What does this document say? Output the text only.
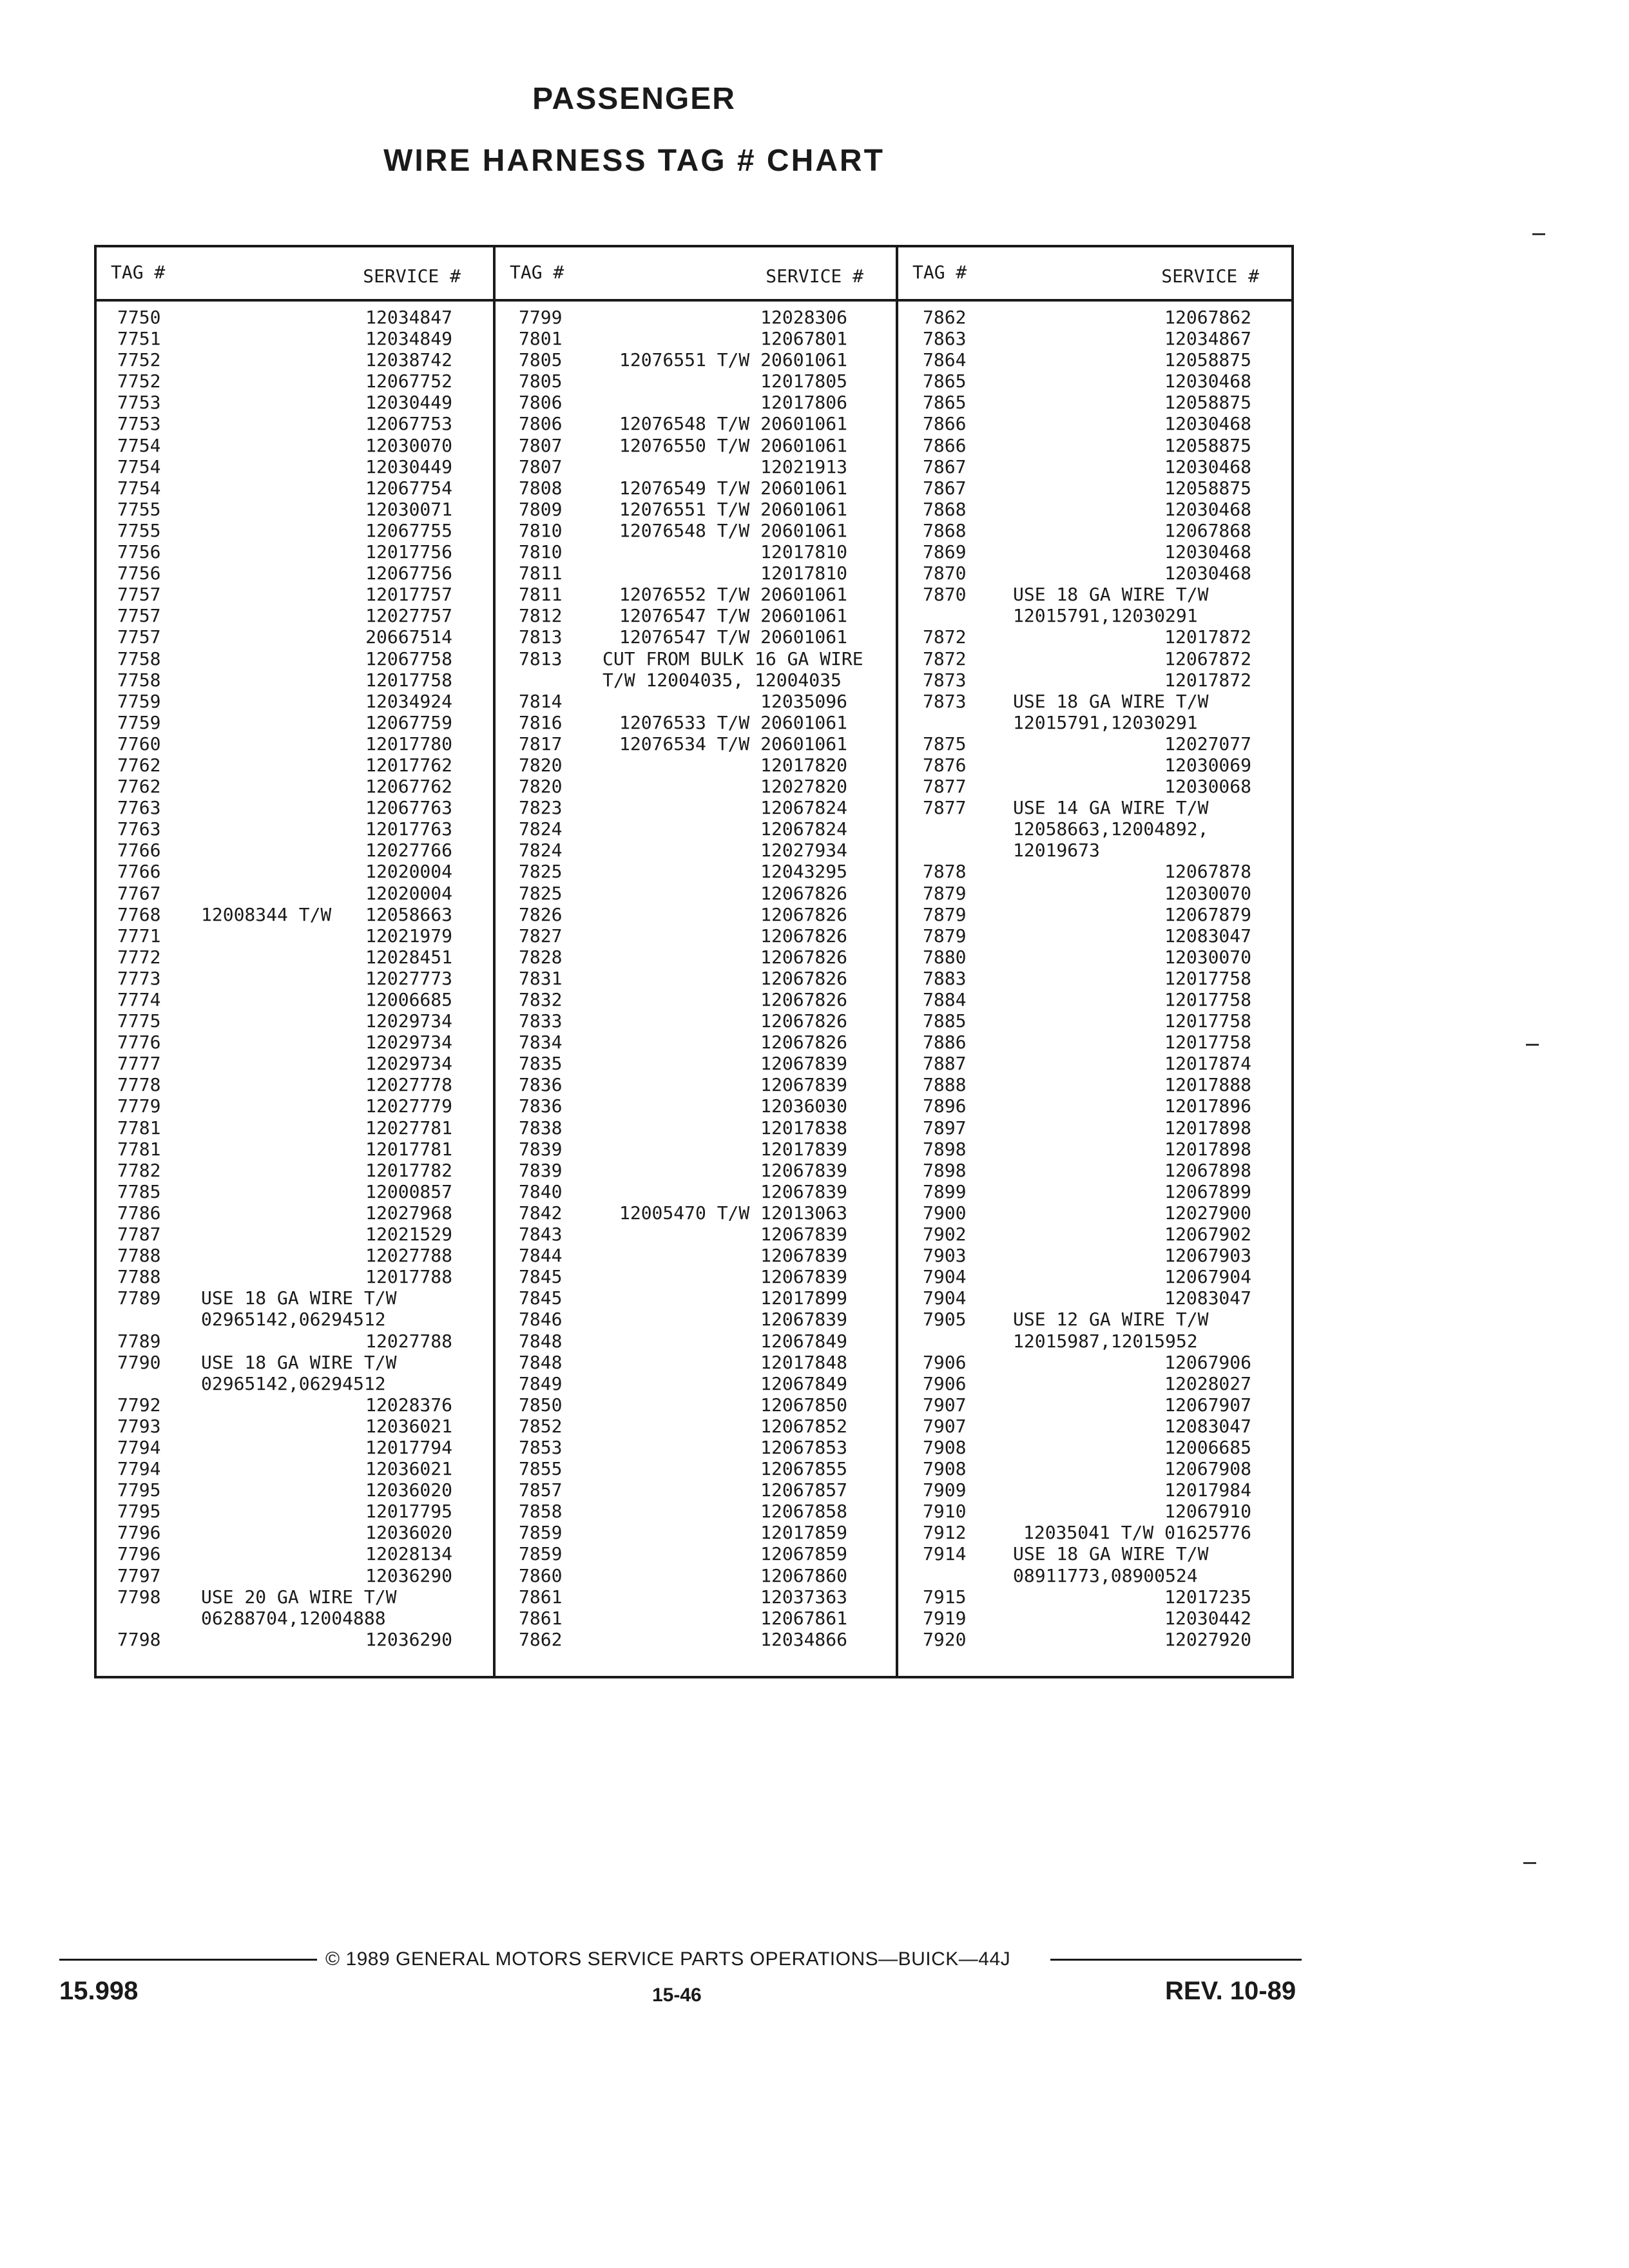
PASSENGER
WIRE HARNESS TAG # CHART
TAG #	SERVICE #	TAG #	SERVICE #	TAG #	SERVICE #
7750	12034847
7751	12034849
7752	12038742
7752	12067752
7753	12030449
7753	12067753
7754	12030070
7754	12030449
7754	12067754
7755	12030071
7755	12067755
7756	12017756
7756	12067756
7757	12017757
7757	12027757
7757	20667514
7758	12067758
7758	12017758
7759	12034924
7759	12067759
7760	12017780
7762	12017762
7762	12067762
7763	12067763
7763	12017763
7766	12027766
7766	12020004
7767	12020004
7768 12008344 T/W 12058663
7771	12021979
7772	12028451
7773	12027773
7774	12006685
7775	12029734
7776	12029734
7777	12029734
7778	12027778
7779	12027779
7781	12027781
7781	12017781
7782	12017782
7785	12000857
7786	12027968
7787	12021529
7788	12027788
7788	12017788
7789 USE 18 GA WIRE T/W
02965142,06294512
7789	12027788
7790 USE 18 GA WIRE T/W
02965142,06294512
7792	12028376
7793	12036021
7794	12017794
7794	12036021
7795	12036020
7795	12017795
7796	12036020
7796	12028134
7797	12036290
7798 USE 20 GA WIRE T/W
06288704,12004888
7798	12036290
7799	12028306
7801	12067801
7805	12076551 T/W 20601061
7805	12017805
7806	12017806
7806	12076548 T/W 20601061
7807	12076550 T/W 20601061
7807	12021913
7808	12076549 T/W 20601061
7809	12076551 T/W 20601061
7810	12076548 T/W 20601061
7810	12017810
7811	12017810
7811	12076552 T/W 20601061
7812	12076547 T/W 20601061
7813	12076547 T/W 20601061
7813 CUT FROM BULK 16 GA WIRE
T/W 12004035, 12004035
7814	12035096
7816	12076533 T/W 20601061
7817	12076534 T/W 20601061
7820	12017820
7820	12027820
7823	12067824
7824	12067824
7824	12027934
7825	12043295
7825	12067826
7826	12067826
7827	12067826
7828	12067826
7831	12067826
7832	12067826
7833	12067826
7834	12067826
7835	12067839
7836	12067839
7836	12036030
7838	12017838
7839	12017839
7839	12067839
7840	12067839
7842	12005470 T/W 12013063
7843	12067839
7844	12067839
7845	12067839
7845	12017899
7846	12067839
7848	12067849
7848	12017848
7849	12067849
7850	12067850
7852	12067852
7853	12067853
7855	12067855
7857	12067857
7858	12067858
7859	12017859
7859	12067859
7860	12067860
7861	12037363
7861	12067861
7862	12034866
7862	12067862
7863	12034867
7864	12058875
7865	12030468
7865	12058875
7866	12030468
7866	12058875
7867	12030468
7867	12058875
7868	12030468
7868	12067868
7869	12030468
7870	12030468
7870	USE 18 GA WIRE T/W
12015791,12030291
7872	12017872
7872	12067872
7873	12017872
7873	USE 18 GA WIRE T/W
12015791,12030291
7875	12027077
7876	12030069
7877	12030068
7877	USE 14 GA WIRE T/W
12058663,12004892,
12019673
7878	12067878
7879	12030070
7879	12067879
7879	12083047
7880	12030070
7883	12017758
7884	12017758
7885	12017758
7886	12017758
7887	12017874
7888	12017888
7896	12017896
7897	12017898
7898	12017898
7898	12067898
7899	12067899
7900	12027900
7902	12067902
7903	12067903
7904	12067904
7904	12083047
7905	USE 12 GA WIRE T/W
12015987,12015952
7906	12067906
7906	12028027
7907	12067907
7907	12083047
7908	12006685
7908	12067908
7909	12017984
7910	12067910
7912	12035041 T/W 01625776
7914	USE 18 GA WIRE T/W
08911773,08900524
7915	12017235
7919	12030442
7920	12027920
© 1989 GENERAL MOTORS SERVICE PARTS OPERATIONS—BUICK—44J
15.998	15-46	REV. 10-89
